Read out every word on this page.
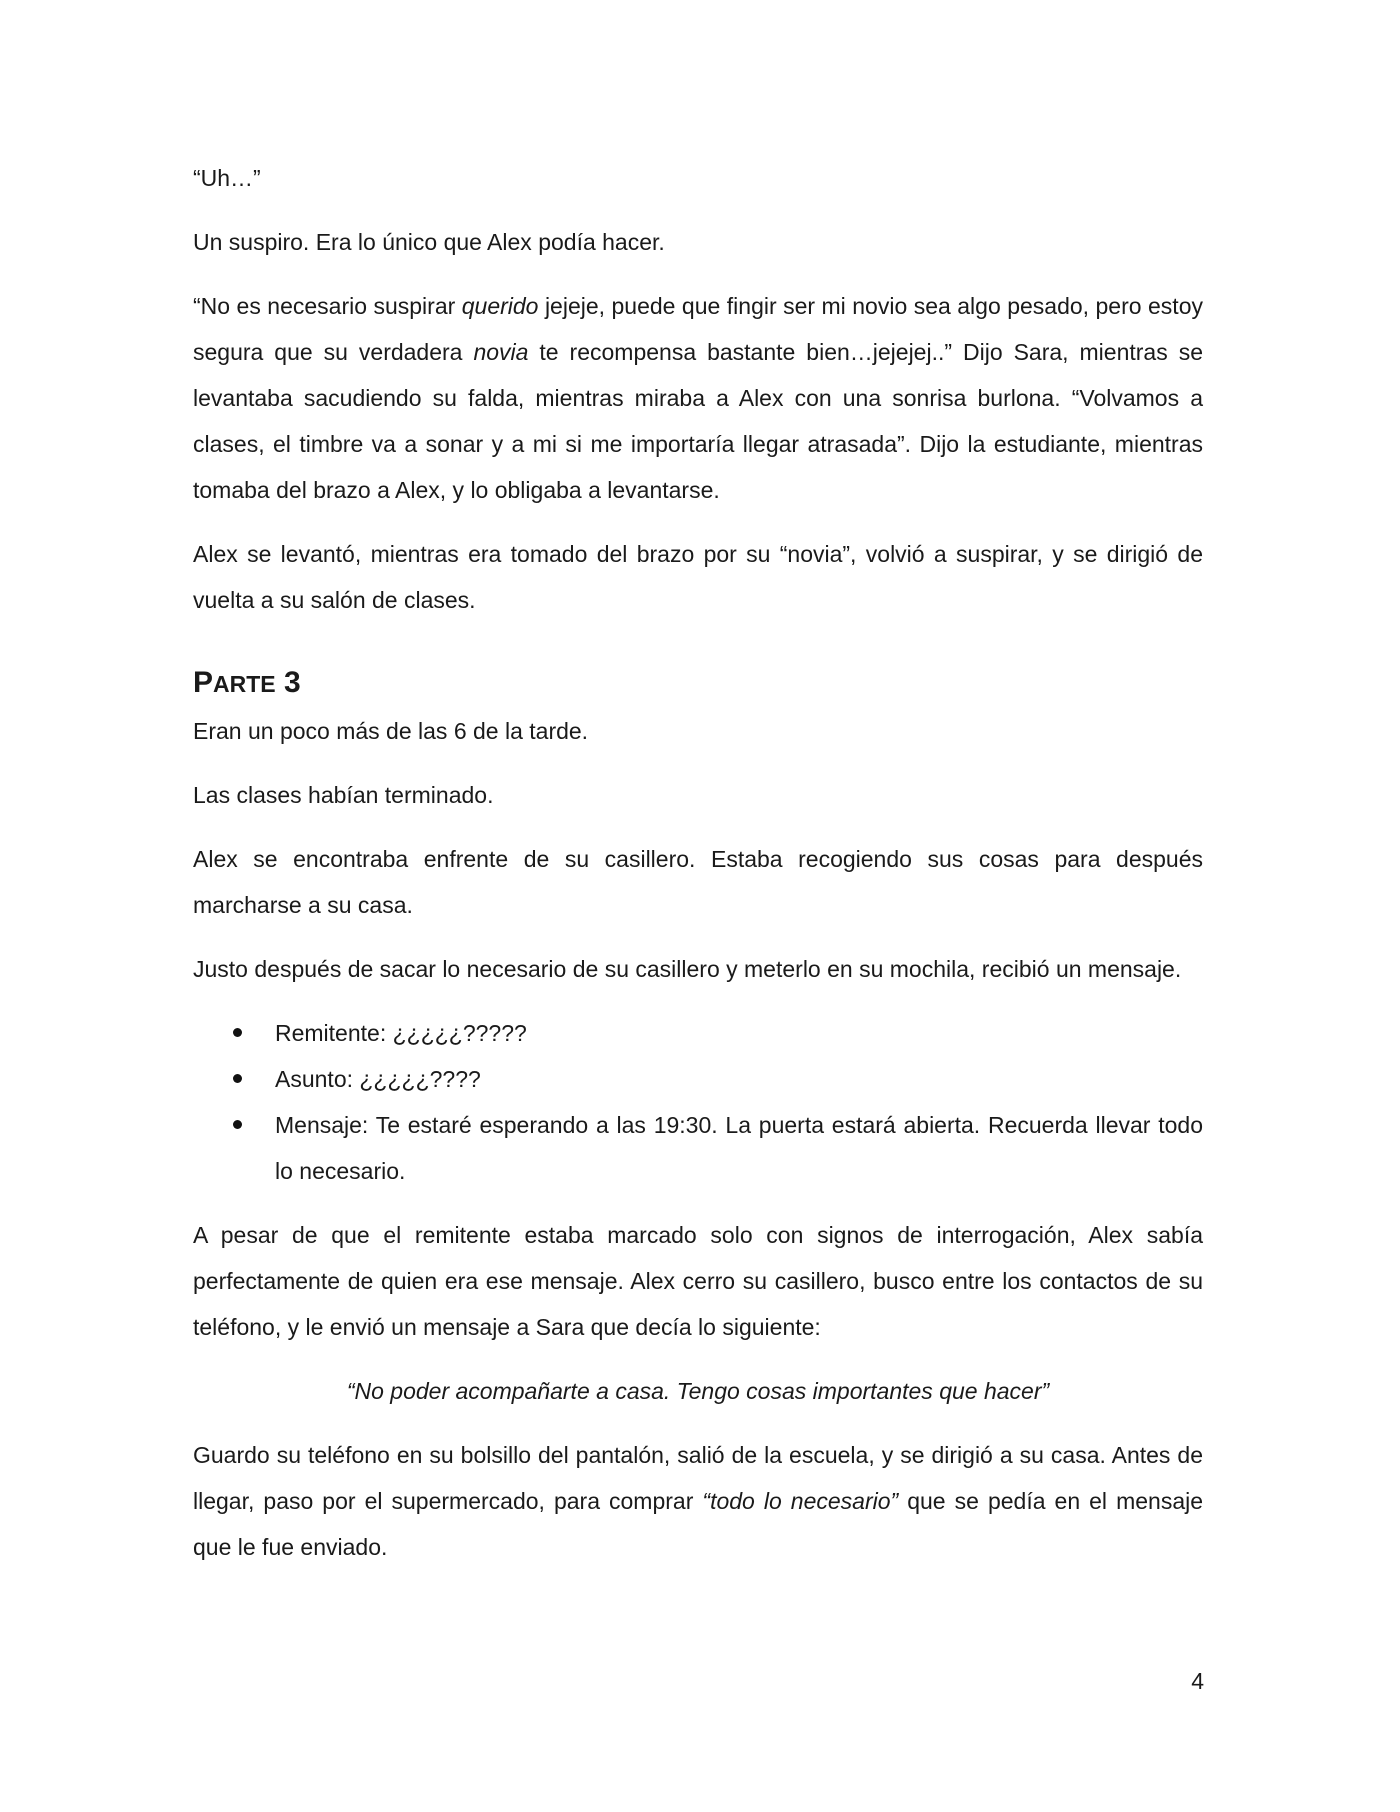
“Uh…”

Un suspiro. Era lo único que Alex podía hacer.

“No es necesario suspirar querido jejeje, puede que fingir ser mi novio sea algo pesado, pero estoy segura que su verdadera novia te recompensa bastante bien…jejejej..” Dijo Sara, mientras se levantaba sacudiendo su falda, mientras miraba a Alex con una sonrisa burlona. “Volvamos a clases, el timbre va a sonar y a mi si me importaría llegar atrasada”. Dijo la estudiante, mientras tomaba del brazo a Alex, y lo obligaba a levantarse.

Alex se levantó, mientras era tomado del brazo por su “novia”, volvió a suspirar, y se dirigió de vuelta a su salón de clases.

PARTE 3

Eran un poco más de las 6 de la tarde.

Las clases habían terminado.

Alex se encontraba enfrente de su casillero. Estaba recogiendo sus cosas para después marcharse a su casa.

Justo después de sacar lo necesario de su casillero y meterlo en su mochila, recibió un mensaje.

Remitente: ¿¿¿¿¿?????
Asunto: ¿¿¿¿¿????
Mensaje: Te estaré esperando a las 19:30. La puerta estará abierta. Recuerda llevar todo lo necesario.

A pesar de que el remitente estaba marcado solo con signos de interrogación, Alex sabía perfectamente de quien era ese mensaje. Alex cerro su casillero, busco entre los contactos de su teléfono, y le envió un mensaje a Sara que decía lo siguiente:

“No poder acompañarte a casa. Tengo cosas importantes que hacer”

Guardo su teléfono en su bolsillo del pantalón, salió de la escuela, y se dirigió a su casa. Antes de llegar, paso por el supermercado, para comprar “todo lo necesario” que se pedía en el mensaje que le fue enviado.

4
